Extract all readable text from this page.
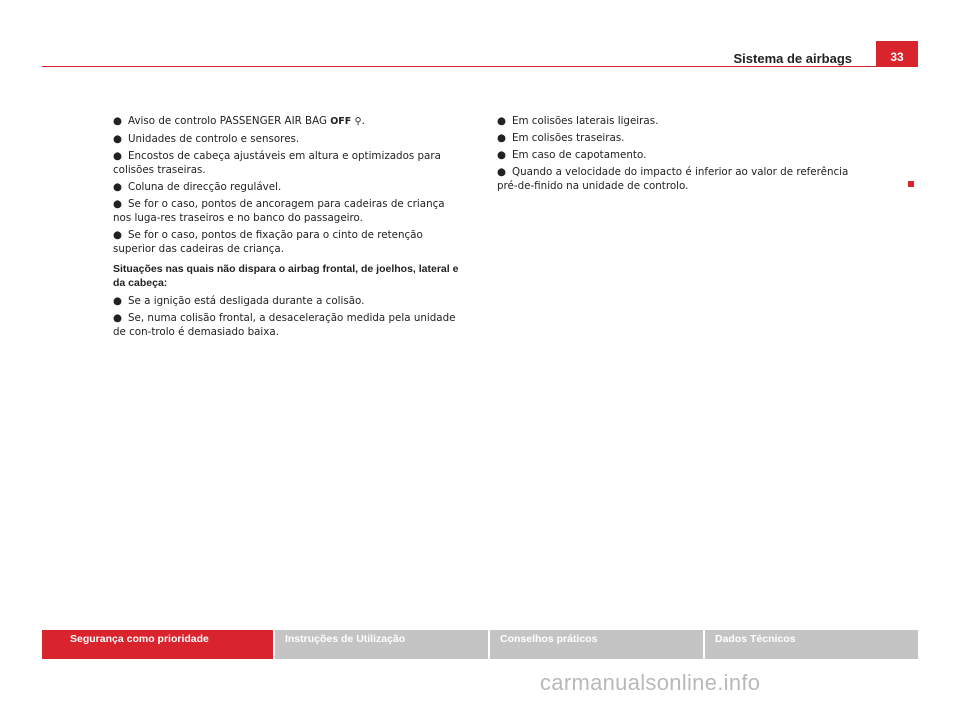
Sistema de airbags	33

● Aviso de controlo PASSENGER AIR BAG OFF ⚲.

● Unidades de controlo e sensores.

● Encostos de cabeça ajustáveis em altura e optimizados para colisões traseiras.

● Coluna de direcção regulável.

● Se for o caso, pontos de ancoragem para cadeiras de criança nos luga-res traseiros e no banco do passageiro.

● Se for o caso, pontos de fixação para o cinto de retenção superior das cadeiras de criança.

Situações nas quais não dispara o airbag frontal, de joelhos, lateral e da cabeça:

● Se a ignição está desligada durante a colisão.

● Se, numa colisão frontal, a desaceleração medida pela unidade de con-trolo é demasiado baixa.

● Em colisões laterais ligeiras.

● Em colisões traseiras.

● Em caso de capotamento.

● Quando a velocidade do impacto é inferior ao valor de referência pré-de-finido na unidade de controlo.

Segurança como prioridade	Instruções de Utilização	Conselhos práticos	Dados Técnicos
carmanualsonline.info
